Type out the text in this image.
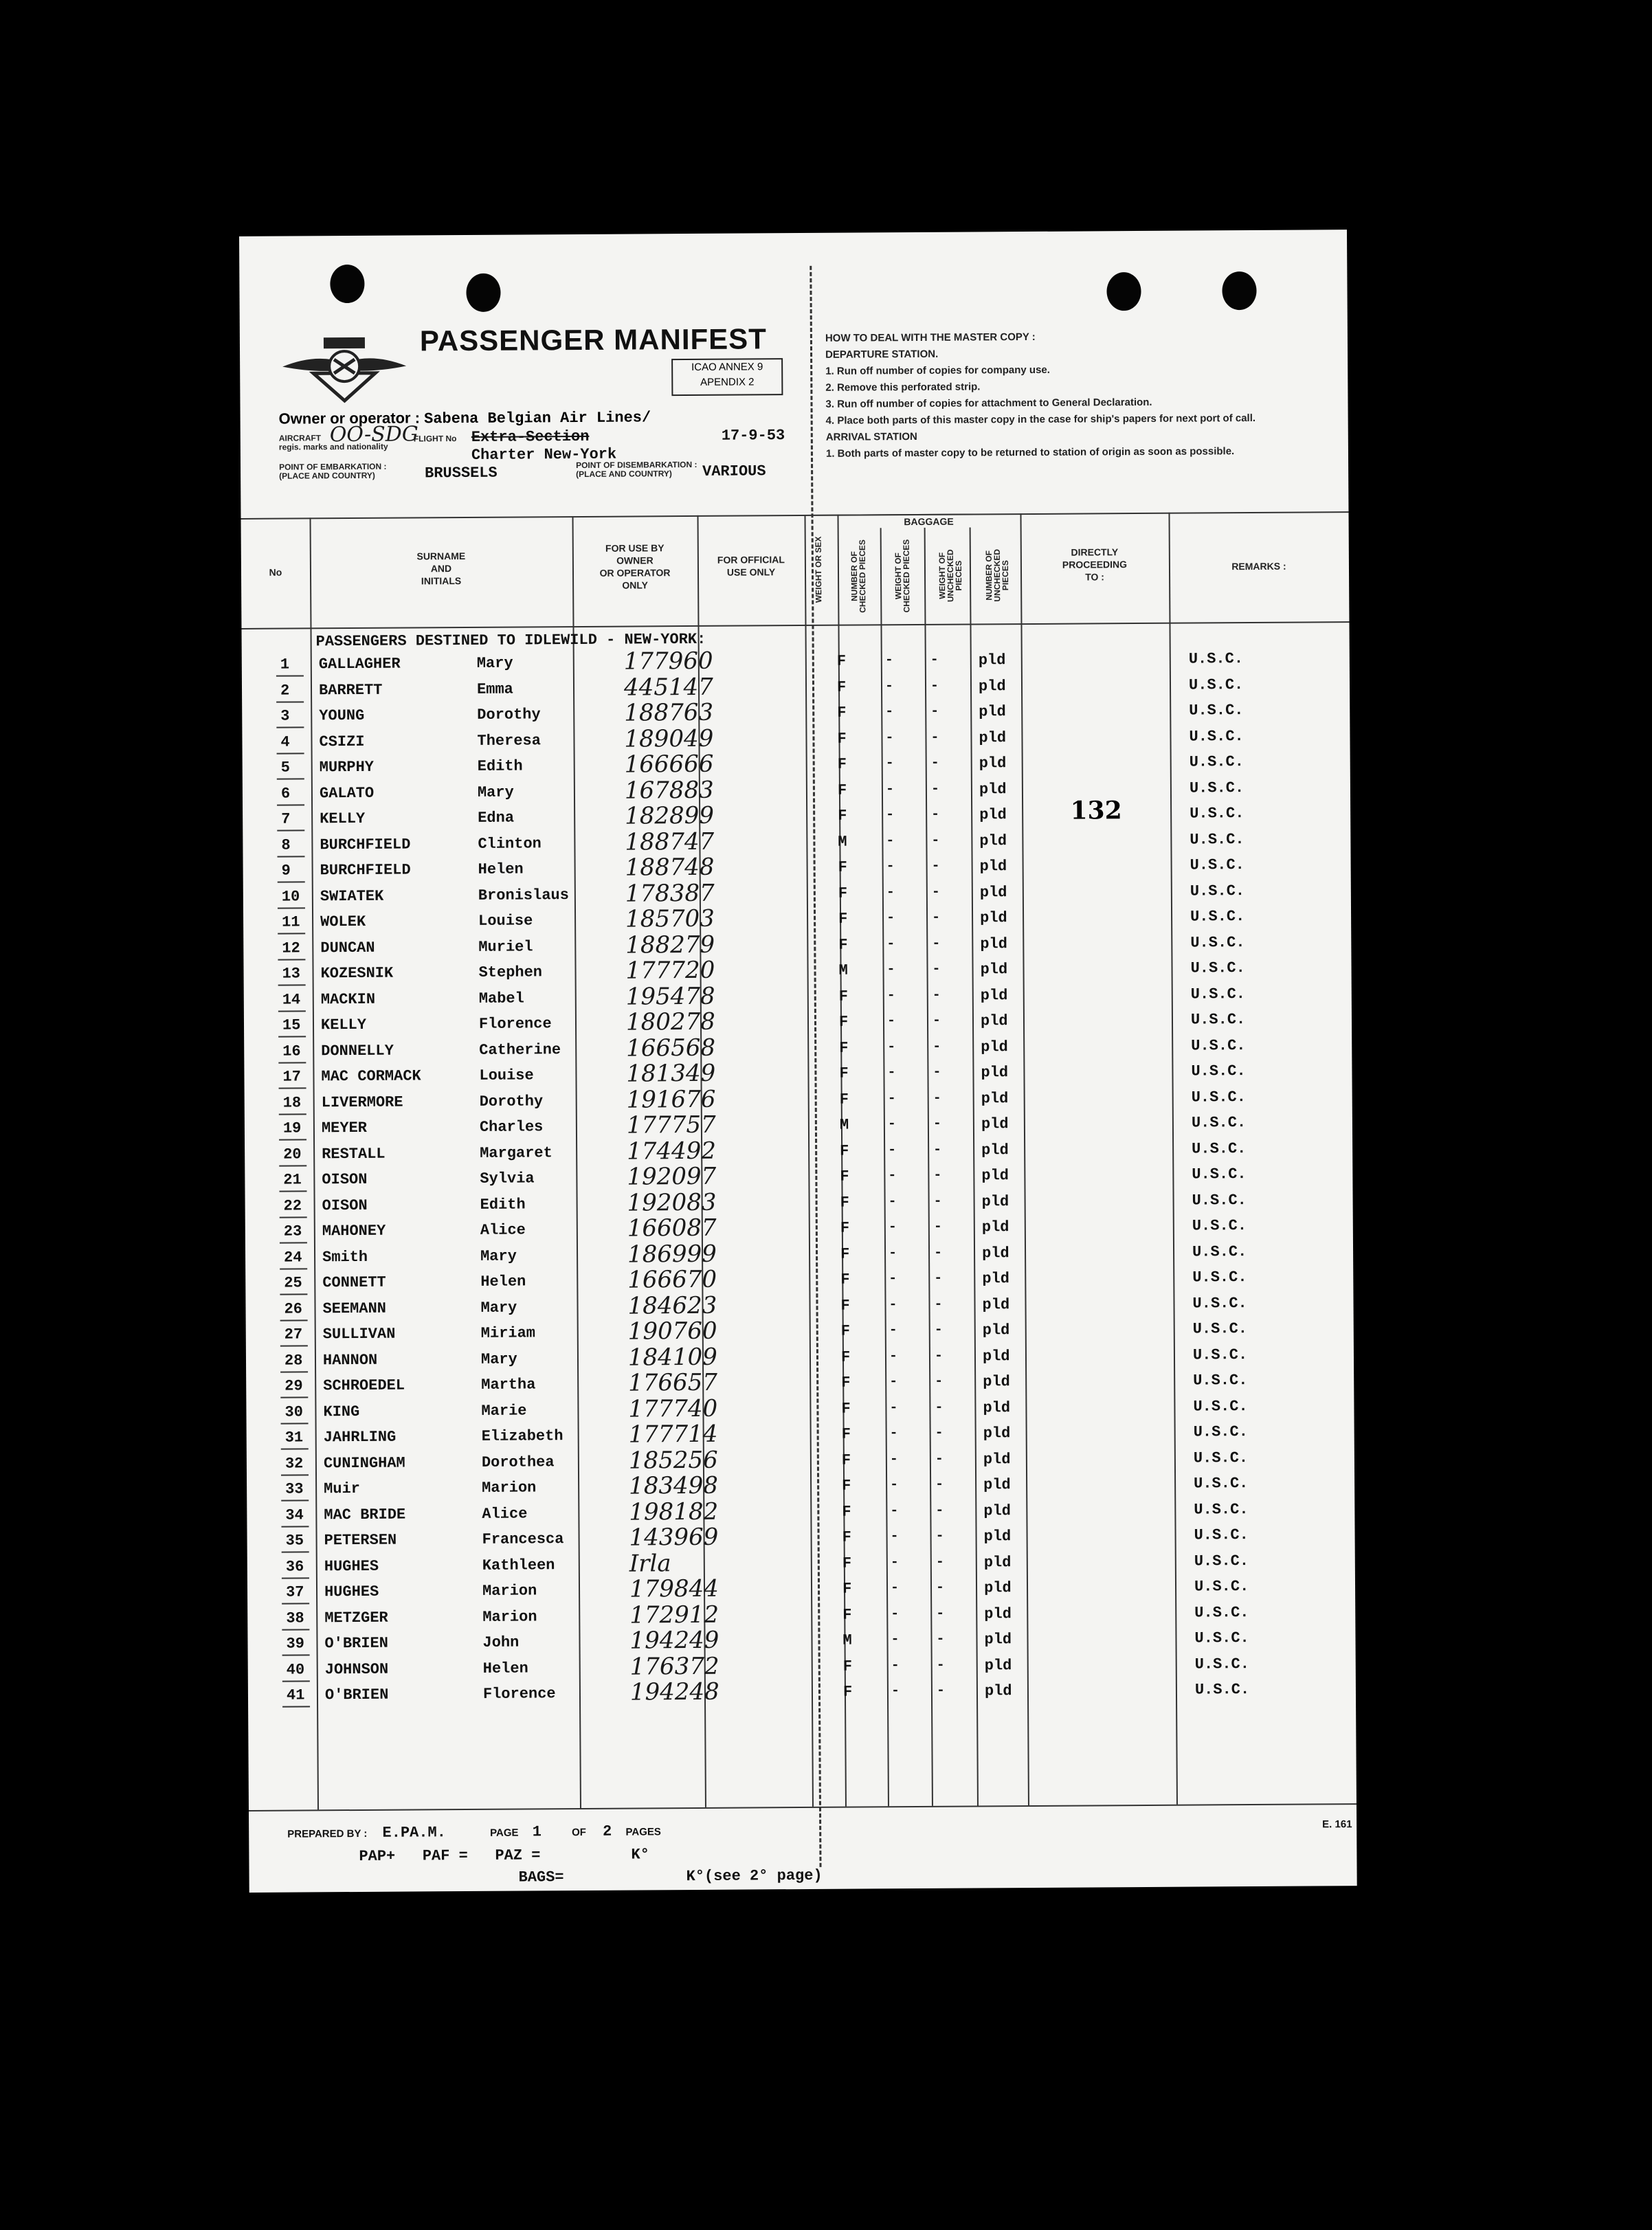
PASSENGER MANIFEST
ICAO ANNEX 9
APENDIX 2
HOW TO DEAL WITH THE MASTER COPY :
DEPARTURE STATION.
1. Run off number of copies for company use.
2. Remove this perforated strip.
3. Run off number of copies for attachment to General Declaration.
4. Place both parts of this master copy in the case for ship's papers for next port of call.
ARRIVAL STATION
1. Both parts of master copy to be returned to station of origin as soon as possible.
Owner or operator : Sabena Belgian Air Lines/
AIRCRAFT
regis. marks and nationality
OO-SDG
FLIGHT No Extra-Section	17-9-53
Charter New-York
POINT OF EMBARKATION :
(PLACE AND COUNTRY)	BRUSSELS	POINT OF DISEMBARKATION :
(PLACE AND COUNTRY)	VARIOUS
No
SURNAME
AND
INITIALS
FOR USE BY
OWNER
OR OPERATOR
ONLY
FOR OFFICIAL
USE ONLY	WEIGHT OR SEX
BAGGAGE
NUMBER OF CHECKED PIECES	WEIGHT OF CHECKED PIECES	WEIGHT OF UNCHECKED PIECES NUMBER OF UNCHECKED PIECES
DIRECTLY
PROCEEDING
TO :
REMARKS :
PASSENGERS DESTINED TO IDLEWILD - NEW-YORK:
132
1 GALLAGHER	Mary	177960	F	-	-	pld	U.S.C.
2 BARRETT	Emma	445147	F	-	-	pld	U.S.C.
3 YOUNG	Dorothy	188763	F	-	-	pld	U.S.C.
4 CSIZI	Theresa	189049	F	-	-	pld	U.S.C.
5 MURPHY	Edith	166666	F	-	-	pld	U.S.C.
6 GALATO	Mary	167883	F	-	-	pld	U.S.C.
7 KELLY	Edna	182899	F	-	-	pld	U.S.C.
8 BURCHFIELD	Clinton	188747	M	-	-	pld	U.S.C.
9 BURCHFIELD	Helen	188748	F	-	-	pld	U.S.C.
10 SWIATEK	Bronislaus 178387	F	-	-	pld	U.S.C.
11 WOLEK	Louise	185703	F	-	-	pld	U.S.C.
12 DUNCAN	Muriel	188279	F	-	-	pld	U.S.C.
13 KOZESNIK	Stephen	177720	M	-	-	pld	U.S.C.
14 MACKIN	Mabel	195478	F	-	-	pld	U.S.C.
15 KELLY	Florence	180278	F	-	-	pld	U.S.C.
16 DONNELLY	Catherine	166568	F	-	-	pld	U.S.C.
17 MAC CORMACK	Louise	181349	F	-	-	pld	U.S.C.
18 LIVERMORE	Dorothy	191676	F	-	-	pld	U.S.C.
19 MEYER	Charles	177757	M	-	-	pld	U.S.C.
20 RESTALL	Margaret	174492	F	-	-	pld	U.S.C.
21 OISON	Sylvia	192097	F	-	-	pld	U.S.C.
22 OISON	Edith	192083	F	-	-	pld	U.S.C.
23 MAHONEY	Alice	166087	F	-	-	pld	U.S.C.
24 Smith	Mary	186999	F	-	-	pld	U.S.C.
25 CONNETT	Helen	166670	F	-	-	pld	U.S.C.
26 SEEMANN	Mary	184623	F	-	-	pld	U.S.C.
27 SULLIVAN	Miriam	190760	F	-	-	pld	U.S.C.
28 HANNON	Mary	184109	F	-	-	pld	U.S.C.
29 SCHROEDEL	Martha	176657	F	-	-	pld	U.S.C.
30 KING	Marie	177740	F	-	-	pld	U.S.C.
31 JAHRLING	Elizabeth	177714	F	-	-	pld	U.S.C.
32 CUNINGHAM	Dorothea	185256	F	-	-	pld	U.S.C.
33 Muir	Marion	183498	F	-	-	pld	U.S.C.
34 MAC BRIDE	Alice	198182	F	-	-	pld	U.S.C.
35 PETERSEN	Francesca	143969	F	-	-	pld	U.S.C.
36 HUGHES	Kathleen	Irla	F	-	-	pld	U.S.C.
37 HUGHES	Marion	179844	F	-	-	pld	U.S.C.
38 METZGER	Marion	172912	F	-	-	pld	U.S.C.
39 O'BRIEN	John	194249	M	-	-	pld	U.S.C.
40 JOHNSON	Helen	176372	F	-	-	pld	U.S.C.
41 O'BRIEN	Florence	194248	F	-	-	pld	U.S.C.
PREPARED BY : E.PA.M.	PAGE 1	OF 2 PAGES
E. 161
PAP+   PAF =   PAZ =          K°
BAGS=	K°(see 2° page)
